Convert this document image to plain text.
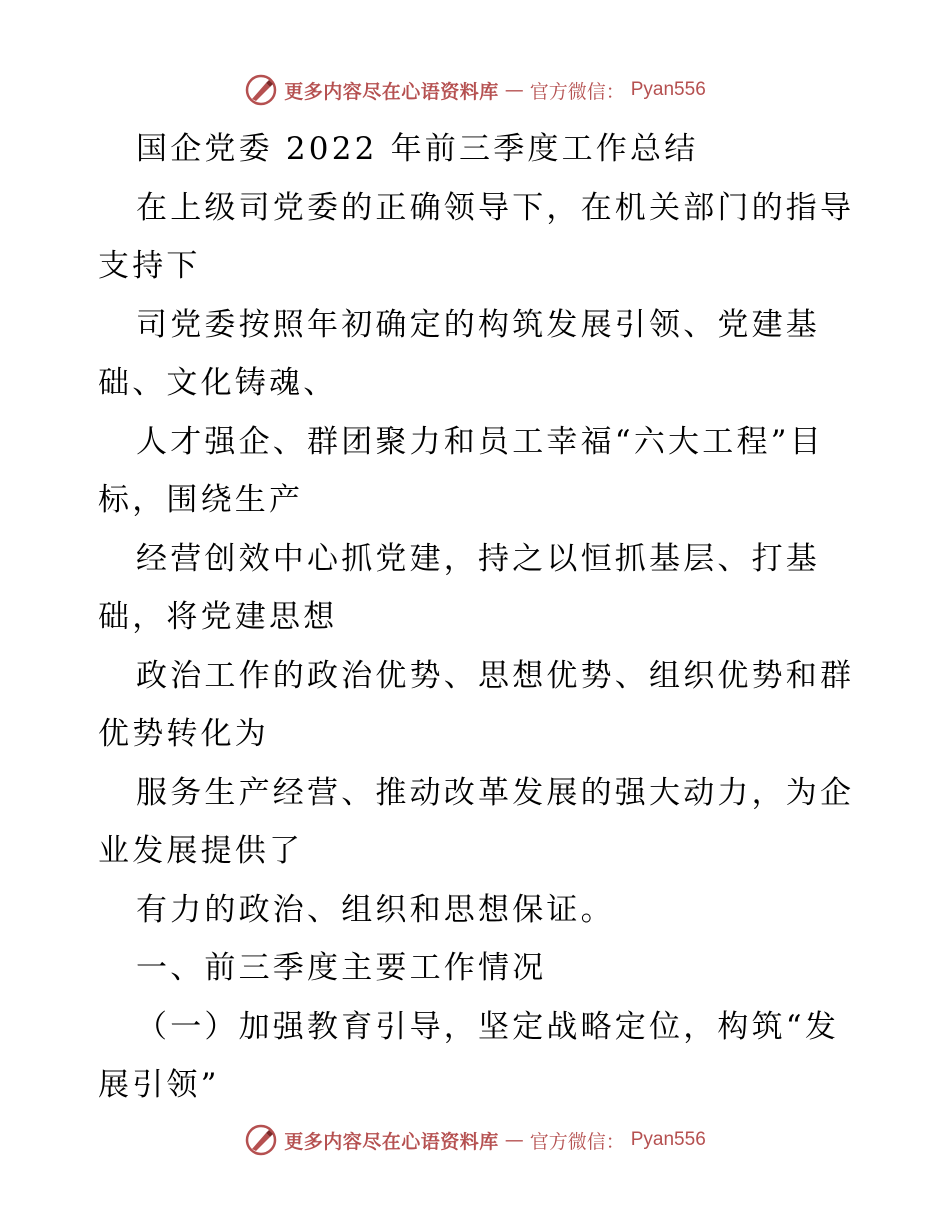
更多内容尽在心语资料库 — 官方微信： Pyan556

国企党委 2022 年前三季度工作总结

在上级司党委的正确领导下，在机关部门的指导支持下

司党委按照年初确定的构筑发展引领、党建基础、文化铸魂、

人才强企、群团聚力和员工幸福“六大工程”目标，围绕生产

经营创效中心抓党建，持之以恒抓基层、打基础，将党建思想

政治工作的政治优势、思想优势、组织优势和群优势转化为

服务生产经营、推动改革发展的强大动力，为企业发展提供了

有力的政治、组织和思想保证。

一、前三季度主要工作情况

（一）加强教育引导，坚定战略定位，构筑“发展引领”

更多内容尽在心语资料库 — 官方微信： Pyan556
